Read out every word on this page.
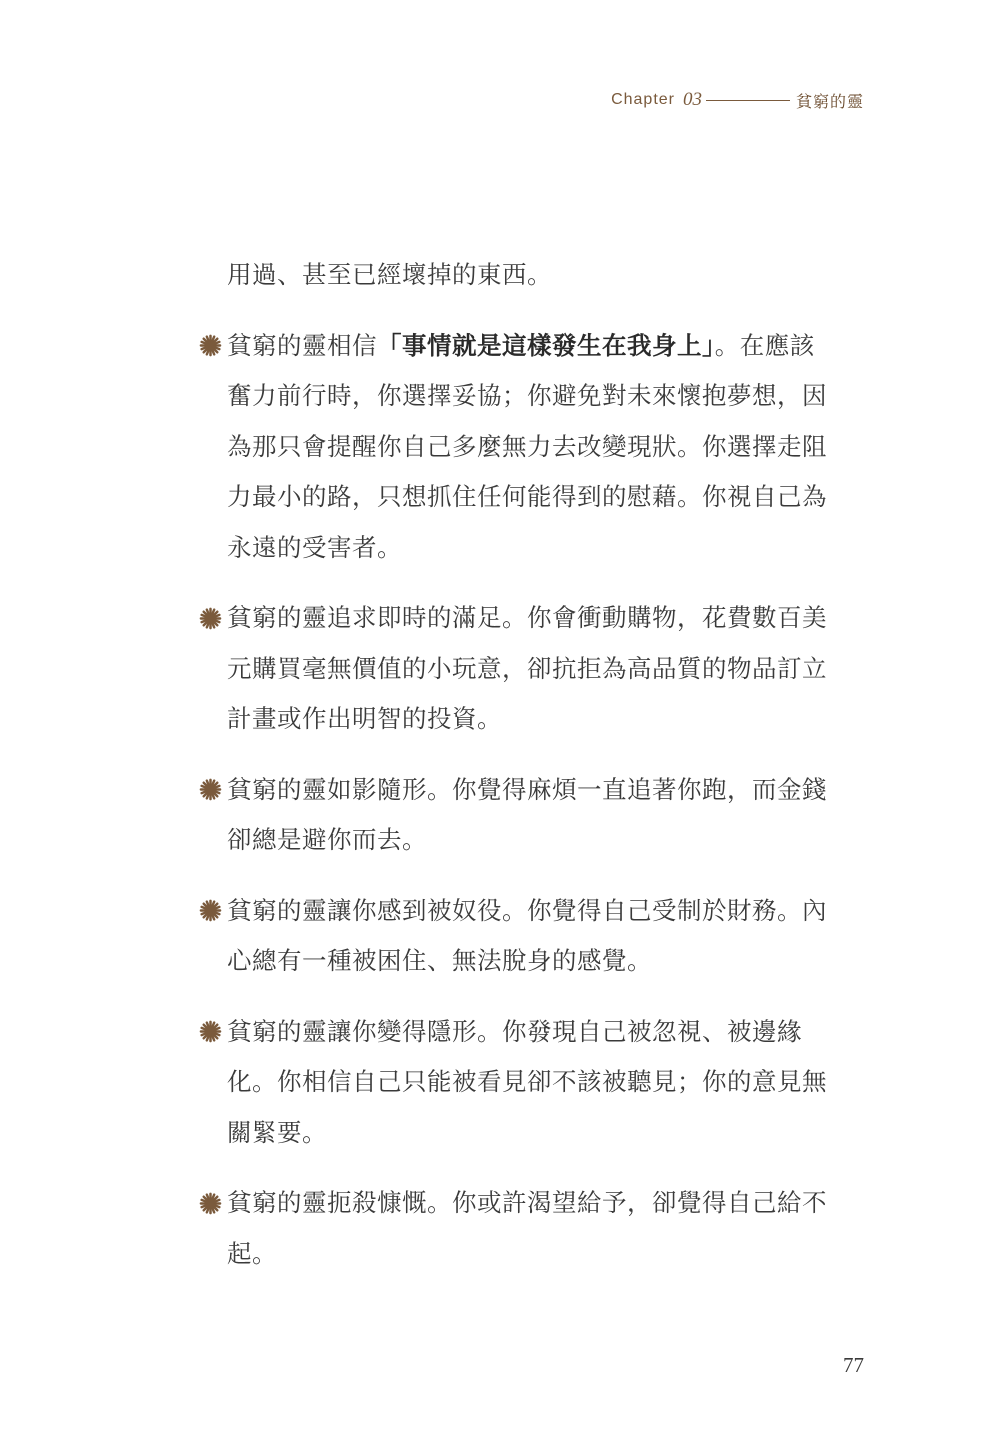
Chapter 03	貧窮的靈

用過、甚至已經壞掉的東西。

貧窮的靈相信「事情就是這樣發生在我身上」。在應該奮力前行時，你選擇妥協；你避免對未來懷抱夢想，因為那只會提醒你自己多麼無力去改變現狀。你選擇走阻力最小的路，只想抓住任何能得到的慰藉。你視自己為永遠的受害者。

貧窮的靈追求即時的滿足。你會衝動購物，花費數百美元購買毫無價值的小玩意，卻抗拒為高品質的物品訂立計畫或作出明智的投資。

貧窮的靈如影隨形。你覺得麻煩一直追著你跑，而金錢卻總是避你而去。

貧窮的靈讓你感到被奴役。你覺得自己受制於財務。內心總有一種被困住、無法脫身的感覺。

貧窮的靈讓你變得隱形。你發現自己被忽視、被邊緣化。你相信自己只能被看見卻不該被聽見；你的意見無關緊要。

貧窮的靈扼殺慷慨。你或許渴望給予，卻覺得自己給不起。

77
